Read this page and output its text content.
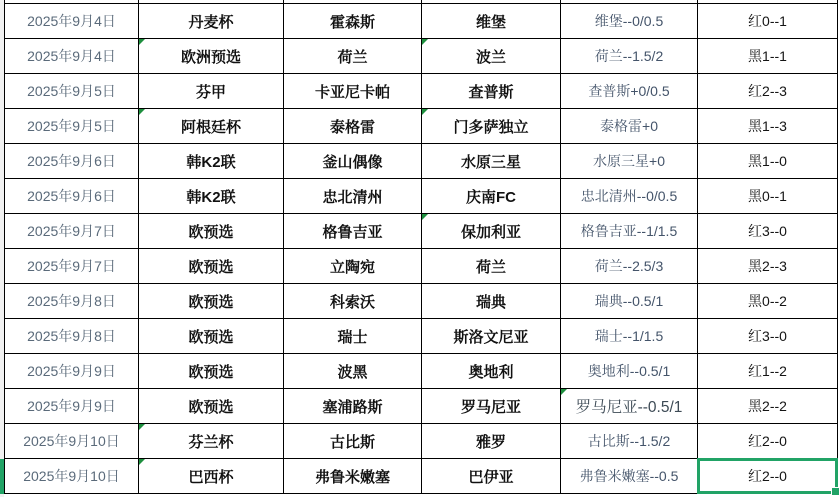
2025年9月4日	丹麦杯	霍森斯	维堡	维堡--0/0.5	红0--1
2025年9月4日	欧洲预选	荷兰	波兰	荷兰--1.5/2	黑1--1
2025年9月5日	芬甲	卡亚尼卡帕	查普斯	查普斯+0/0.5	红2--3
2025年9月5日	阿根廷杯	泰格雷	门多萨独立	泰格雷+0	黑1--3
2025年9月6日	韩K2联	釜山偶像	水原三星	水原三星+0	黑1--0
2025年9月6日	韩K2联	忠北清州	庆南FC	忠北清州--0/0.5	黑0--1
2025年9月7日	欧预选	格鲁吉亚	保加利亚	格鲁吉亚--1/1.5	红3--0
2025年9月7日	欧预选	立陶宛	荷兰	荷兰--2.5/3	黑2--3
2025年9月8日	欧预选	科索沃	瑞典	瑞典--0.5/1	黑0--2
2025年9月8日	欧预选	瑞士	斯洛文尼亚	瑞士--1/1.5	红3--0
2025年9月9日	欧预选	波黑	奥地利	奥地利--0.5/1	红1--2
2025年9月9日	欧预选	塞浦路斯	罗马尼亚	罗马尼亚--0.5/1	黑2--2
2025年9月10日	芬兰杯	古比斯	雅罗	古比斯--1.5/2	红2--0
2025年9月10日	巴西杯	弗鲁米嫩塞	巴伊亚	弗鲁米嫩塞--0.5	红2--0
